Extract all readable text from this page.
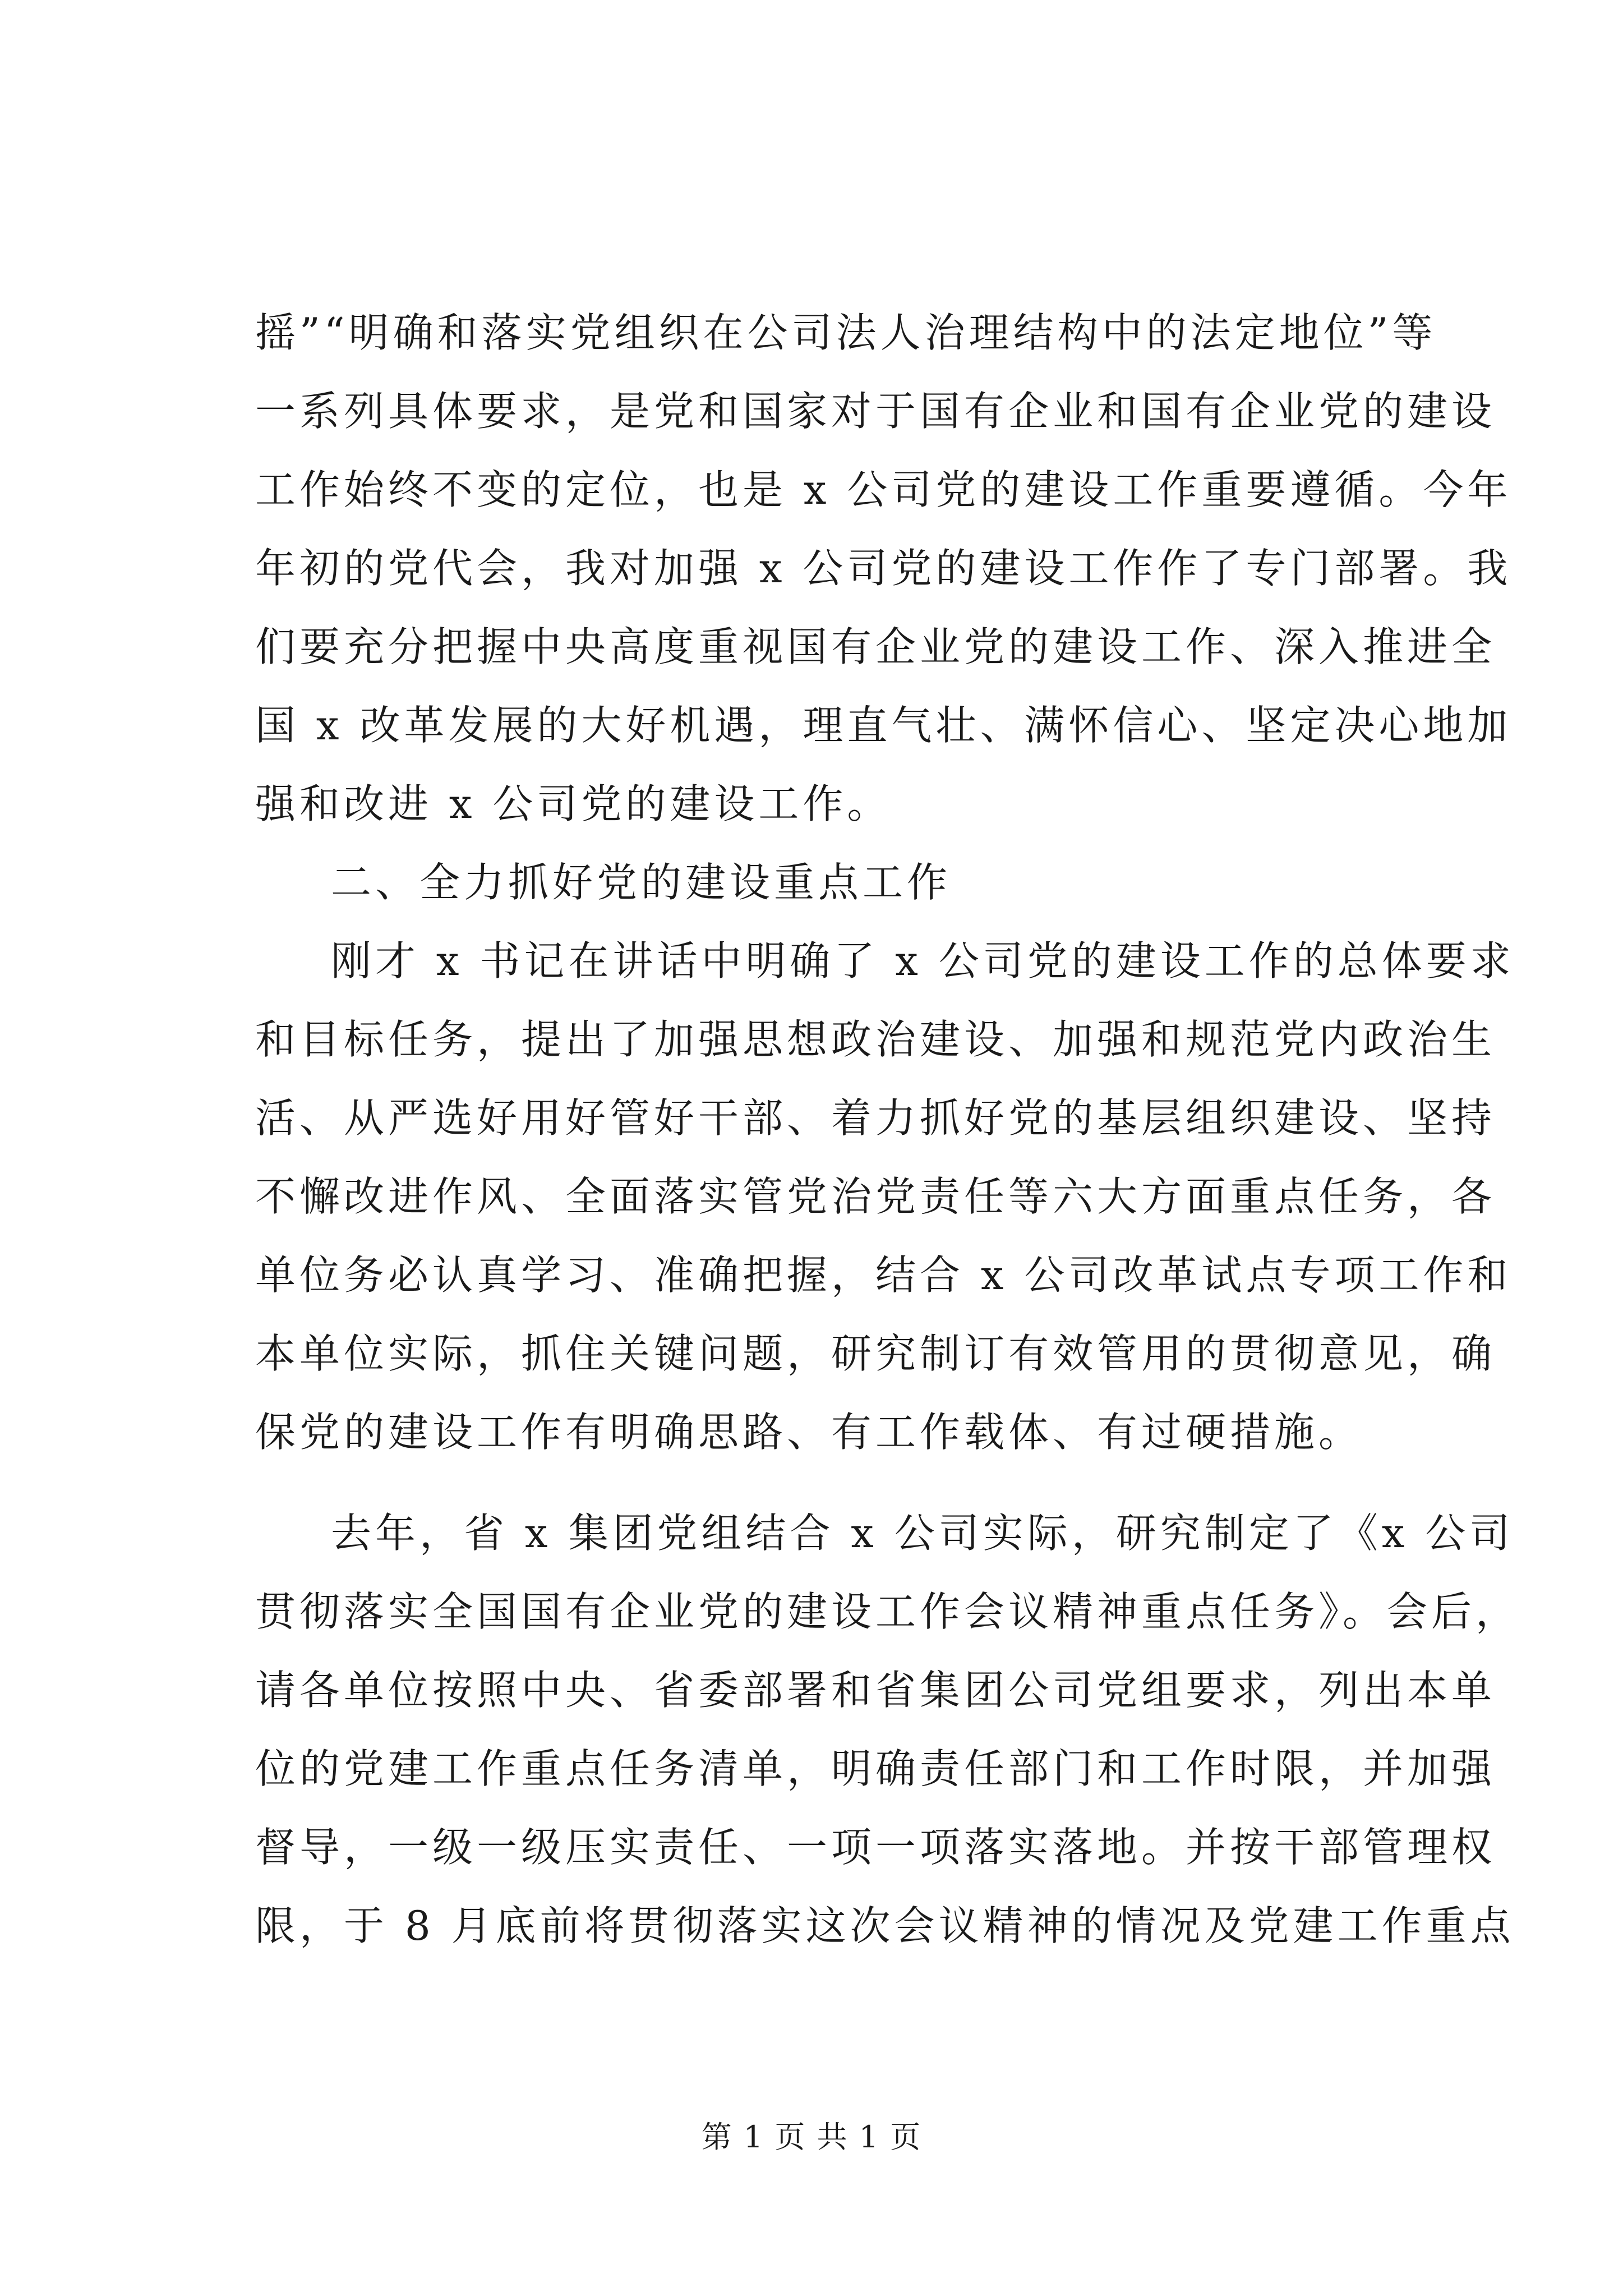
摇”“明确和落实党组织在公司法人治理结构中的法定地位”等
一系列具体要求，是党和国家对于国有企业和国有企业党的建设
工作始终不变的定位，也是 x 公司党的建设工作重要遵循。今年
年初的党代会，我对加强 x 公司党的建设工作作了专门部署。我
们要充分把握中央高度重视国有企业党的建设工作、深入推进全
国 x 改革发展的大好机遇，理直气壮、满怀信心、坚定决心地加
强和改进 x 公司党的建设工作。
二、全力抓好党的建设重点工作
刚才 x 书记在讲话中明确了 x 公司党的建设工作的总体要求
和目标任务，提出了加强思想政治建设、加强和规范党内政治生
活、从严选好用好管好干部、着力抓好党的基层组织建设、坚持
不懈改进作风、全面落实管党治党责任等六大方面重点任务，各
单位务必认真学习、准确把握，结合 x 公司改革试点专项工作和
本单位实际，抓住关键问题，研究制订有效管用的贯彻意见，确
保党的建设工作有明确思路、有工作载体、有过硬措施。
去年，省 x 集团党组结合 x 公司实际，研究制定了《x 公司
贯彻落实全国国有企业党的建设工作会议精神重点任务》。会后，
请各单位按照中央、省委部署和省集团公司党组要求，列出本单
位的党建工作重点任务清单，明确责任部门和工作时限，并加强
督导，一级一级压实责任、一项一项落实落地。并按干部管理权
限，于 8 月底前将贯彻落实这次会议精神的情况及党建工作重点
第 1 页 共 1 页
